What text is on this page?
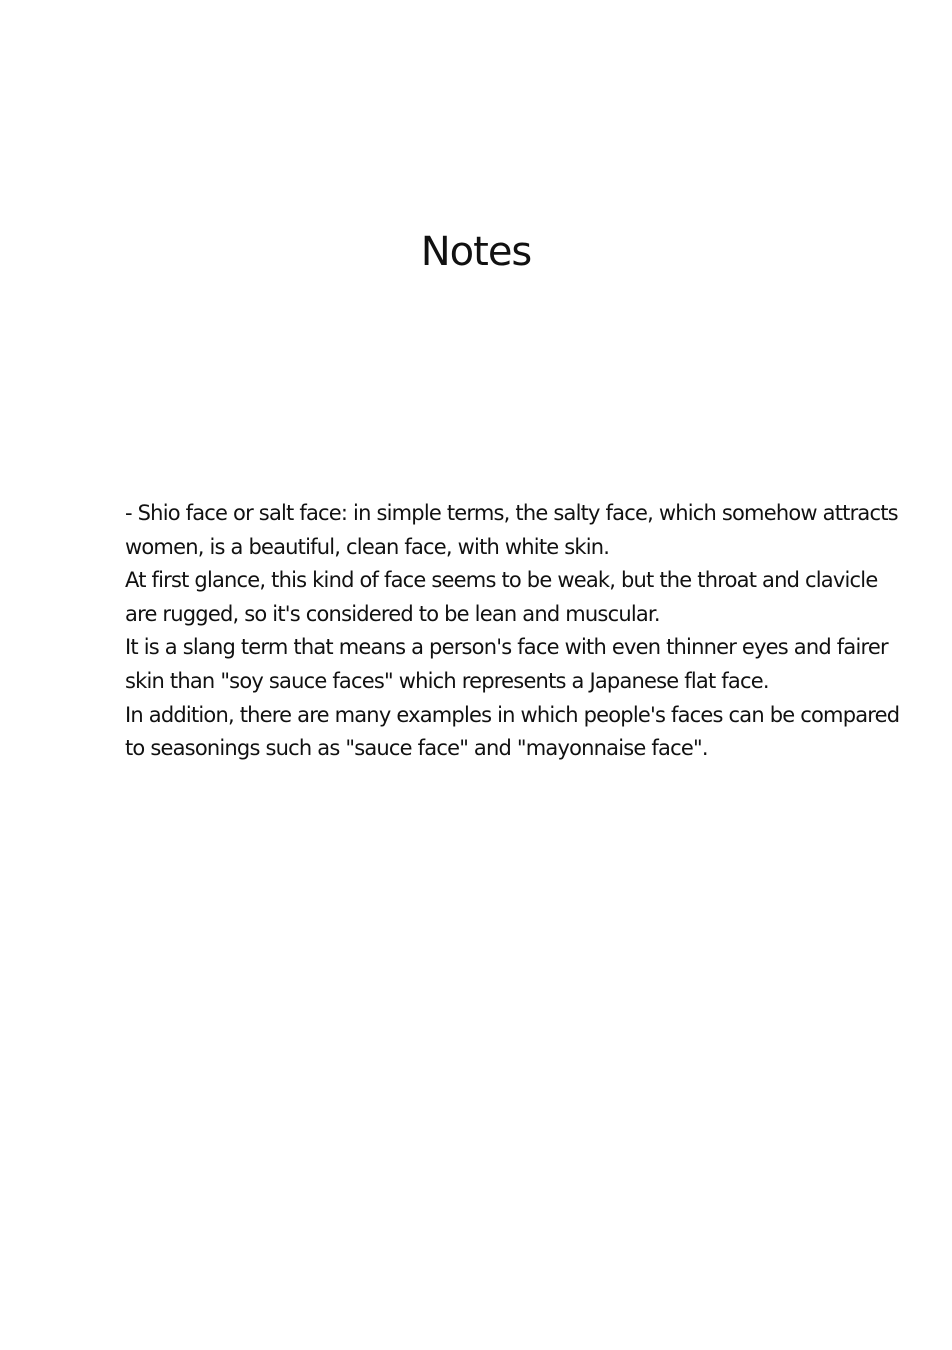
Notes
- Shio face or salt face: in simple terms, the salty face, which somehow attracts
women, is a beautiful, clean face, with white skin.
At first glance, this kind of face seems to be weak, but the throat and clavicle
are rugged, so it's considered to be lean and muscular.
It is a slang term that means a person's face with even thinner eyes and fairer
skin than "soy sauce faces" which represents a Japanese flat face.
In addition, there are many examples in which people's faces can be compared
to seasonings such as "sauce face" and "mayonnaise face".
